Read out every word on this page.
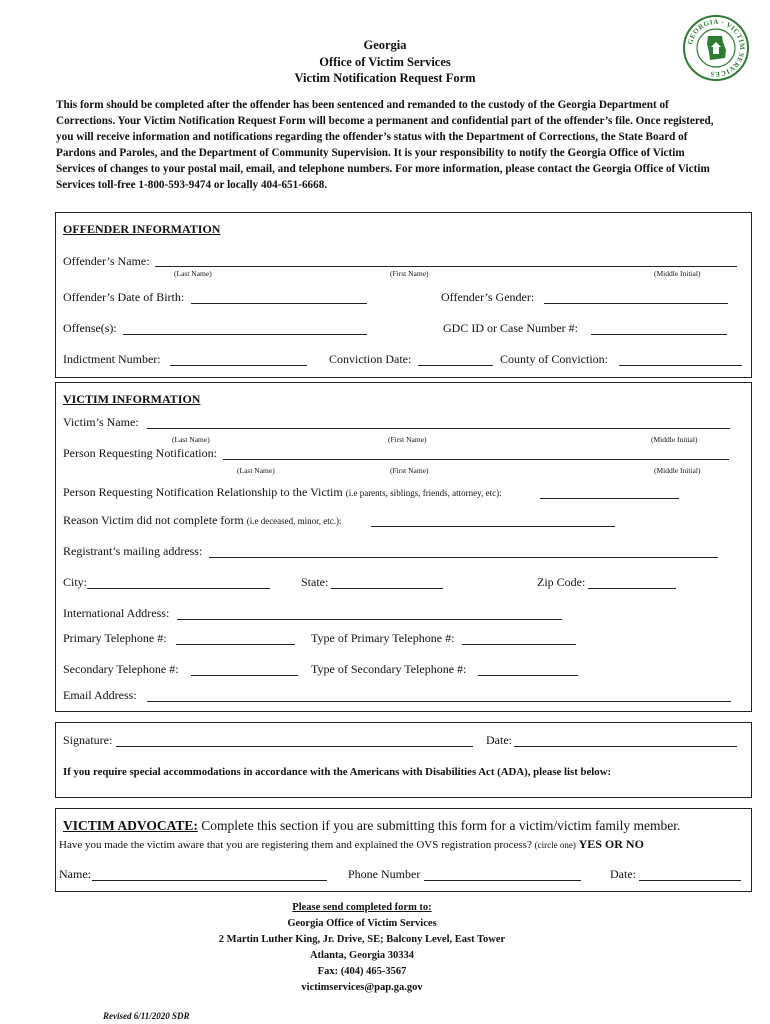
Georgia
Office of Victim Services
Victim Notification Request Form
GEORGIA · VICTIM SERVICES
This form should be completed after the offender has been sentenced and remanded to the custody of the Georgia Department of Corrections. Your Victim Notification Request Form will become a permanent and confidential part of the offender’s file. Once registered, you will receive information and notifications regarding the offender’s status with the Department of Corrections, the State Board of Pardons and Paroles, and the Department of Community Supervision. It is your responsibility to notify the Georgia Office of Victim Services of changes to your postal mail, email, and telephone numbers. For more information, please contact the Georgia Office of Victim Services toll-free 1-800-593-9474 or locally 404-651-6668.
OFFENDER INFORMATION
Offender’s Name:
(Last Name)	(First Name)	(Middle Initial)
Offender’s Date of Birth:	Offender’s Gender:
Offense(s):	GDC ID or Case Number #:
Indictment Number:	Conviction Date:	County of Conviction:
VICTIM INFORMATION
Victim’s Name:
(Last Name)	(First Name)	(Middle Initial)
Person Requesting Notification:
(Last Name)	(First Name)	(Middle Initial)
Person Requesting Notification Relationship to the Victim (i.e parents, siblings, friends, attorney, etc):
Reason Victim did not complete form (i.e deceased, minor, etc.):
Registrant’s mailing address:
City:	State:	Zip Code:
International Address:
Primary Telephone #:	Type of Primary Telephone #:
Secondary Telephone #:	Type of Secondary Telephone #:
Email Address:
Signature:	Date:
If you require special accommodations in accordance with the Americans with Disabilities Act (ADA), please list below:
VICTIM ADVOCATE: Complete this section if you are submitting this form for a victim/victim family member.
Have you made the victim aware that you are registering them and explained the OVS registration process? (circle one) YES OR NO
Name:	Phone Number	Date:
Please send completed form to:
Georgia Office of Victim Services
2 Martin Luther King, Jr. Drive, SE; Balcony Level, East Tower
Atlanta, Georgia 30334
Fax: (404) 465-3567
victimservices@pap.ga.gov
Revised 6/11/2020 SDR
